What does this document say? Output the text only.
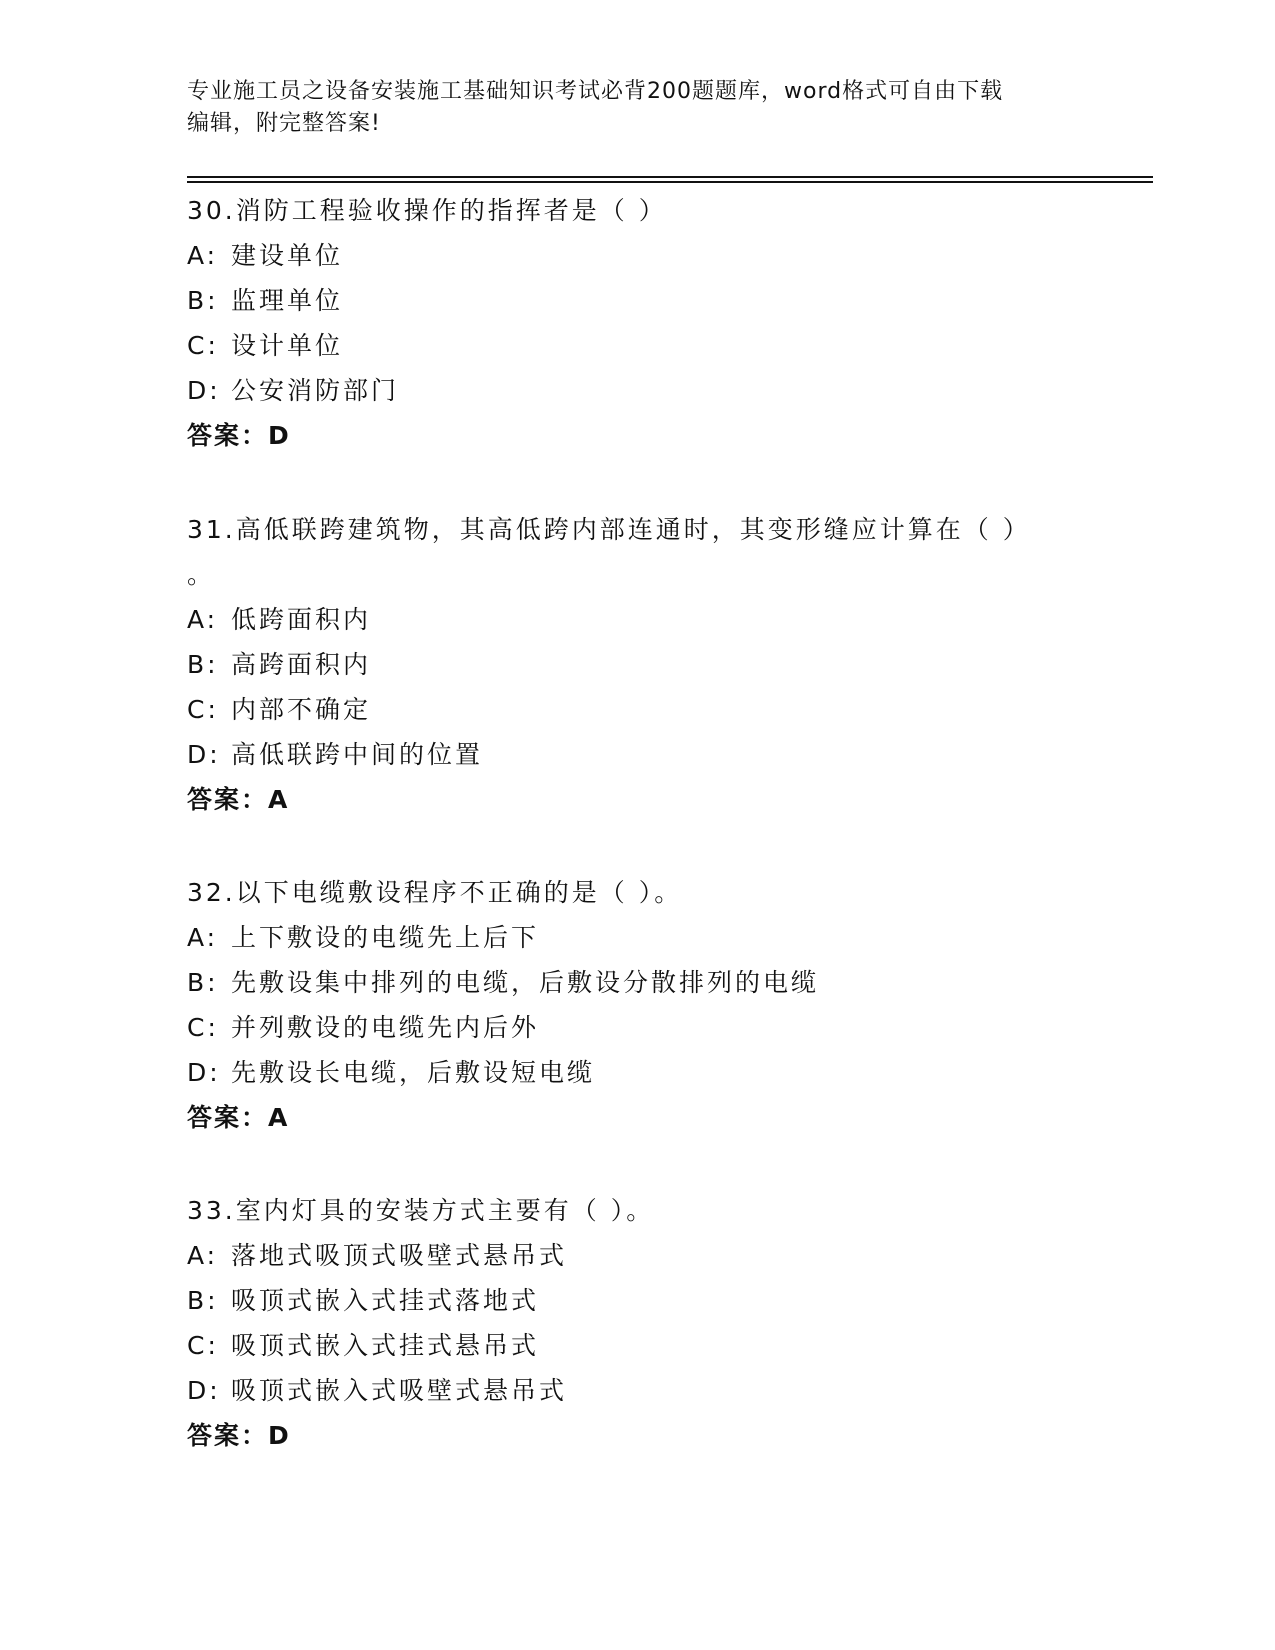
专业施工员之设备安装施工基础知识考试必背200题题库，word格式可自由下载
编辑，附完整答案!
30.消防工程验收操作的指挥者是（ ）
A: 建设单位
B: 监理单位
C: 设计单位
D: 公安消防部门
答案：D
31.高低联跨建筑物，其高低跨内部连通时，其变形缝应计算在（ ）
。
A: 低跨面积内
B: 高跨面积内
C: 内部不确定
D: 高低联跨中间的位置
答案：A
32.以下电缆敷设程序不正确的是（ ）。
A: 上下敷设的电缆先上后下
B: 先敷设集中排列的电缆，后敷设分散排列的电缆
C: 并列敷设的电缆先内后外
D: 先敷设长电缆，后敷设短电缆
答案：A
33.室内灯具的安装方式主要有（ ）。
A: 落地式吸顶式吸壁式悬吊式
B: 吸顶式嵌入式挂式落地式
C: 吸顶式嵌入式挂式悬吊式
D: 吸顶式嵌入式吸壁式悬吊式
答案：D
